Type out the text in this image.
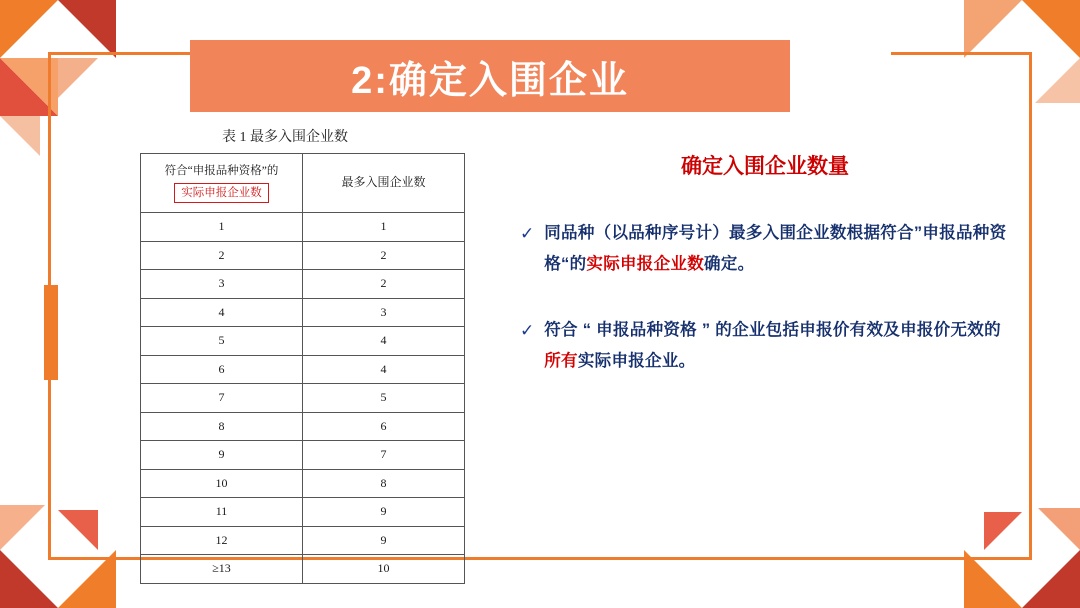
2:确定入围企业
表 1 最多入围企业数
符合“申报品种资格”的
实际申报企业数	最多入围企业数
1	1
2	2
3	2
4	3
5	4
6	4
7	5
8	6
9	7
10	8
11	9
12	9
≥13	10
确定入围企业数量
✓ 同品种（以品种序号计）最多入围企业数根据符合”申报品种资格“的实际申报企业数确定。
✓ 符合 “ 申报品种资格 ” 的企业包括申报价有效及申报价无效的所有实际申报企业。
